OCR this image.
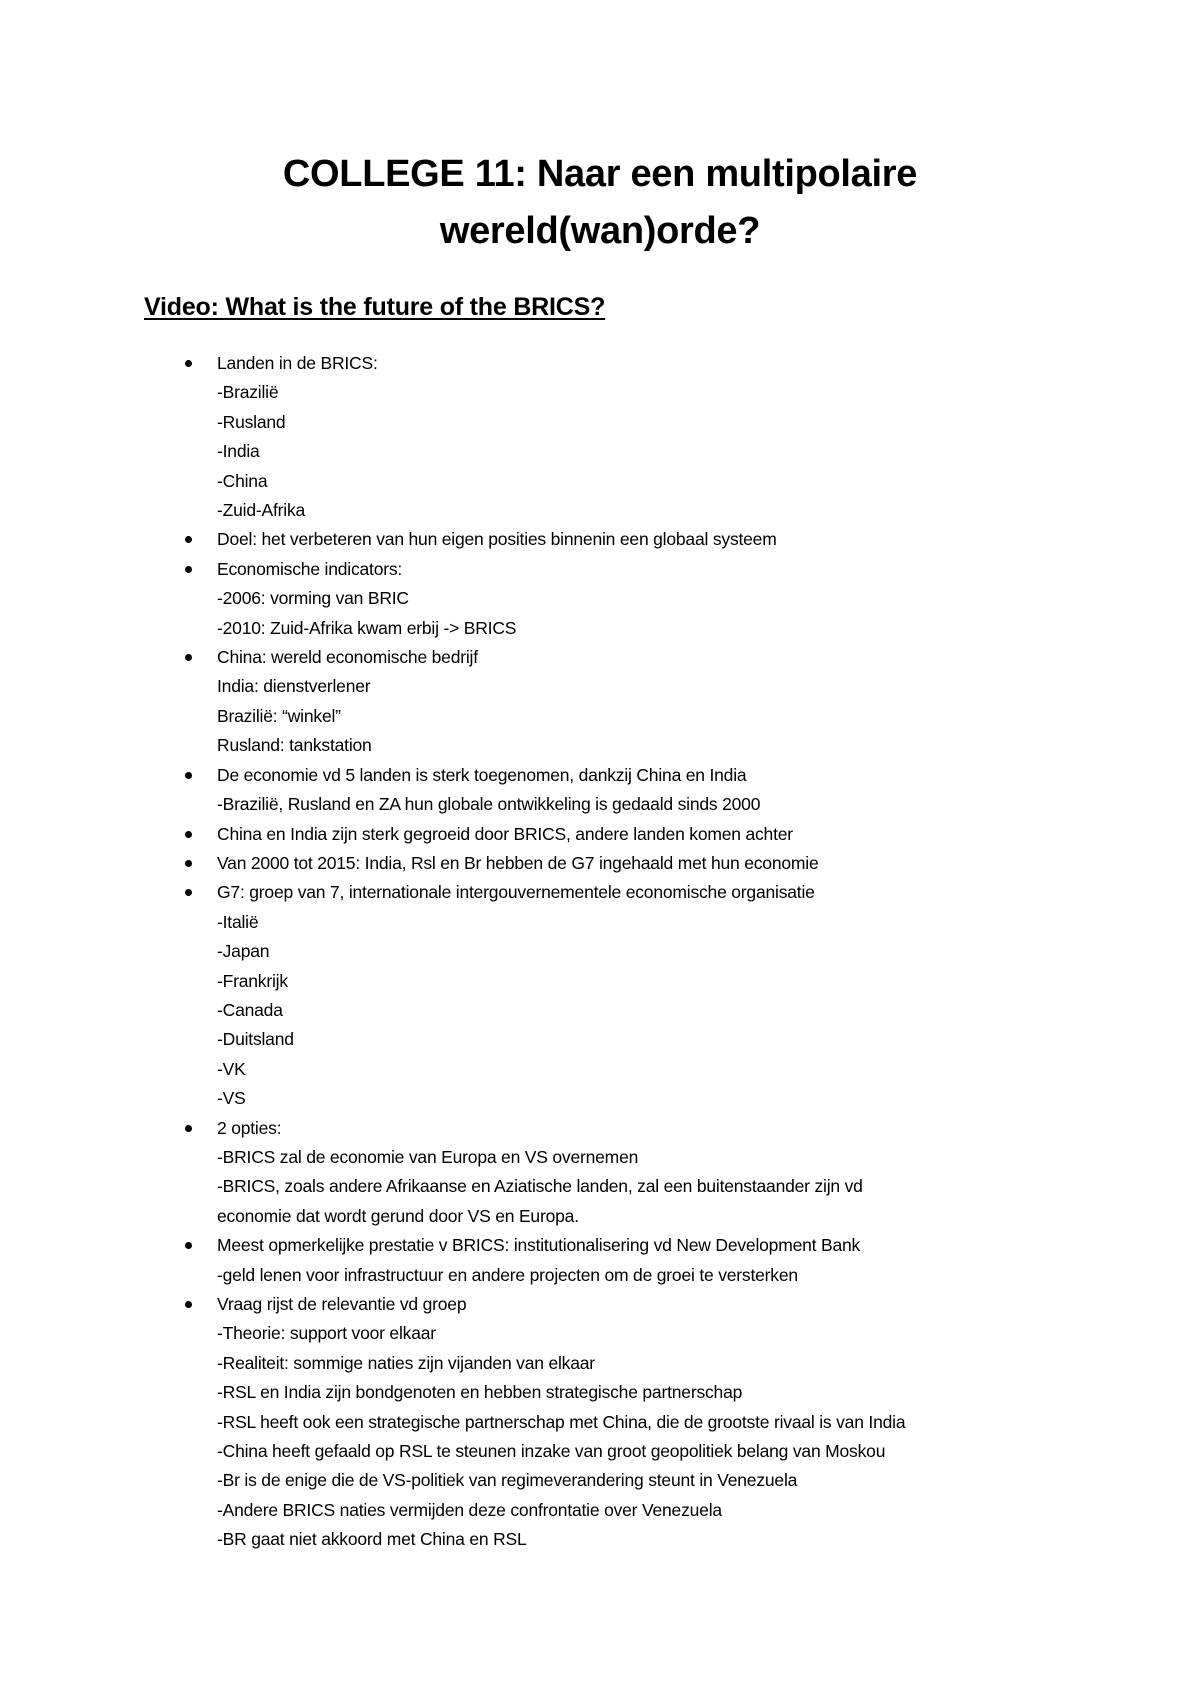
COLLEGE 11: Naar een multipolaire
wereld(wan)orde?
Video: What is the future of the BRICS?
Landen in de BRICS:
-Brazilië
-Rusland
-India
-China
-Zuid-Afrika
Doel: het verbeteren van hun eigen posities binnenin een globaal systeem
Economische indicators:
-2006: vorming van BRIC
-2010: Zuid-Afrika kwam erbij -> BRICS
China: wereld economische bedrijf
India: dienstverlener
Brazilië: “winkel”
Rusland: tankstation
De economie vd 5 landen is sterk toegenomen, dankzij China en India
-Brazilië, Rusland en ZA hun globale ontwikkeling is gedaald sinds 2000
China en India zijn sterk gegroeid door BRICS, andere landen komen achter
Van 2000 tot 2015: India, Rsl en Br hebben de G7 ingehaald met hun economie
G7: groep van 7, internationale intergouvernementele economische organisatie
-Italië
-Japan
-Frankrijk
-Canada
-Duitsland
-VK
-VS
2 opties:
-BRICS zal de economie van Europa en VS overnemen
-BRICS, zoals andere Afrikaanse en Aziatische landen, zal een buitenstaander zijn vd
economie dat wordt gerund door VS en Europa.
Meest opmerkelijke prestatie v BRICS: institutionalisering vd New Development Bank
-geld lenen voor infrastructuur en andere projecten om de groei te versterken
Vraag rijst de relevantie vd groep
-Theorie: support voor elkaar
-Realiteit: sommige naties zijn vijanden van elkaar
-RSL en India zijn bondgenoten en hebben strategische partnerschap
-RSL heeft ook een strategische partnerschap met China, die de grootste rivaal is van India
-China heeft gefaald op RSL te steunen inzake van groot geopolitiek belang van Moskou
-Br is de enige die de VS-politiek van regimeverandering steunt in Venezuela
-Andere BRICS naties vermijden deze confrontatie over Venezuela
-BR gaat niet akkoord met China en RSL
